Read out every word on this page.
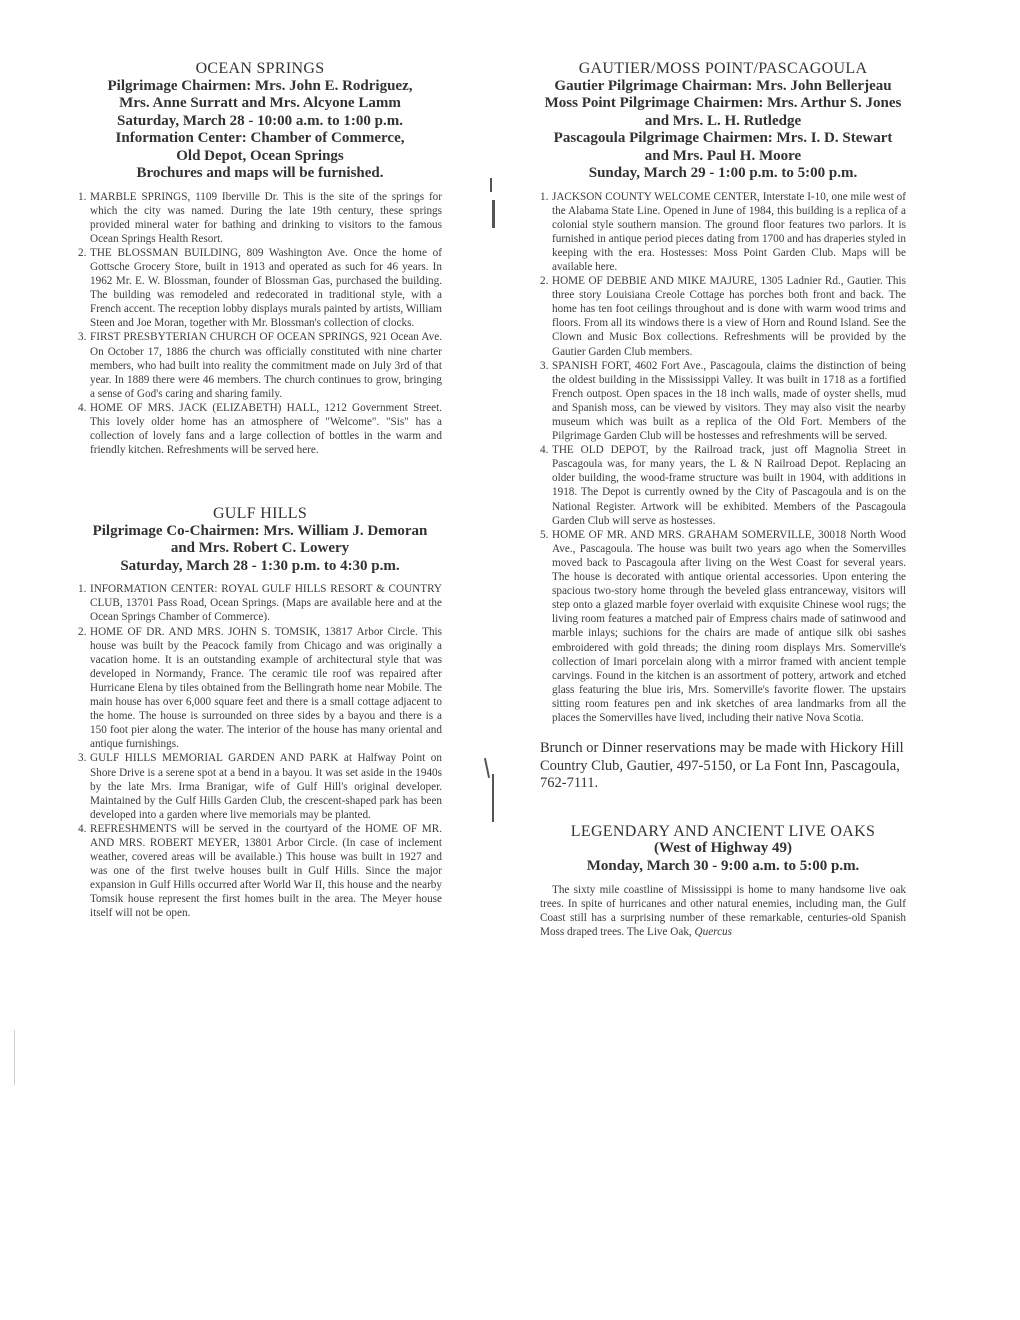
OCEAN SPRINGS
Pilgrimage Chairmen: Mrs. John E. Rodriguez,
Mrs. Anne Surratt and Mrs. Alcyone Lamm
Saturday, March 28 - 10:00 a.m. to 1:00 p.m.
Information Center: Chamber of Commerce,
Old Depot, Ocean Springs
Brochures and maps will be furnished.
1. MARBLE SPRINGS, 1109 Iberville Dr. This is the site of the springs for which the city was named. During the late 19th century, these springs provided mineral water for bathing and drinking to visitors to the famous Ocean Springs Health Resort.
2. THE BLOSSMAN BUILDING, 809 Washington Ave. Once the home of Gottsche Grocery Store, built in 1913 and operated as such for 46 years. In 1962 Mr. E. W. Blossman, founder of Blossman Gas, purchased the building. The building was remodeled and redecorated in traditional style, with a French accent. The reception lobby displays murals painted by artists, William Steen and Joe Moran, together with Mr. Blossman's collection of clocks.
3. FIRST PRESBYTERIAN CHURCH OF OCEAN SPRINGS, 921 Ocean Ave. On October 17, 1886 the church was officially constituted with nine charter members, who had built into reality the commitment made on July 3rd of that year. In 1889 there were 46 members. The church continues to grow, bringing a sense of God's caring and sharing family.
4. HOME OF MRS. JACK (ELIZABETH) HALL, 1212 Government Street. This lovely older home has an atmosphere of "Welcome". "Sis" has a collection of lovely fans and a large collection of bottles in the warm and friendly kitchen. Refreshments will be served here.
GULF HILLS
Pilgrimage Co-Chairmen: Mrs. William J. Demoran
and Mrs. Robert C. Lowery
Saturday, March 28 - 1:30 p.m. to 4:30 p.m.
1. INFORMATION CENTER: ROYAL GULF HILLS RESORT & COUNTRY CLUB, 13701 Pass Road, Ocean Springs. (Maps are available here and at the Ocean Springs Chamber of Commerce).
2. HOME OF DR. AND MRS. JOHN S. TOMSIK, 13817 Arbor Circle. This house was built by the Peacock family from Chicago and was originally a vacation home. It is an outstanding example of architectural style that was developed in Normandy, France. The ceramic tile roof was repaired after Hurricane Elena by tiles obtained from the Bellingrath home near Mobile. The main house has over 6,000 square feet and there is a small cottage adjacent to the home. The house is surrounded on three sides by a bayou and there is a 150 foot pier along the water. The interior of the house has many oriental and antique furnishings.
3. GULF HILLS MEMORIAL GARDEN AND PARK at Halfway Point on Shore Drive is a serene spot at a bend in a bayou. It was set aside in the 1940s by the late Mrs. Irma Branigar, wife of Gulf Hill's original developer. Maintained by the Gulf Hills Garden Club, the crescent-shaped park has been developed into a garden where live memorials may be planted.
4. REFRESHMENTS will be served in the courtyard of the HOME OF MR. AND MRS. ROBERT MEYER, 13801 Arbor Circle. (In case of inclement weather, covered areas will be available.) This house was built in 1927 and was one of the first twelve houses built in Gulf Hills. Since the major expansion in Gulf Hills occurred after World War II, this house and the nearby Tomsik house represent the first homes built in the area. The Meyer house itself will not be open.
GAUTIER/MOSS POINT/PASCAGOULA
Gautier Pilgrimage Chairman: Mrs. John Bellerjeau
Moss Point Pilgrimage Chairmen: Mrs. Arthur S. Jones
and Mrs. L. H. Rutledge
Pascagoula Pilgrimage Chairmen: Mrs. I. D. Stewart
and Mrs. Paul H. Moore
Sunday, March 29 - 1:00 p.m. to 5:00 p.m.
1. JACKSON COUNTY WELCOME CENTER, Interstate I-10, one mile west of the Alabama State Line. Opened in June of 1984, this building is a replica of a colonial style southern mansion. The ground floor features two parlors. It is furnished in antique period pieces dating from 1700 and has draperies styled in keeping with the era. Hostesses: Moss Point Garden Club. Maps will be available here.
2. HOME OF DEBBIE AND MIKE MAJURE, 1305 Ladnier Rd., Gautier. This three story Louisiana Creole Cottage has porches both front and back. The home has ten foot ceilings throughout and is done with warm wood trims and floors. From all its windows there is a view of Horn and Round Island. See the Clown and Music Box collections. Refreshments will be provided by the Gautier Garden Club members.
3. SPANISH FORT, 4602 Fort Ave., Pascagoula, claims the distinction of being the oldest building in the Mississippi Valley. It was built in 1718 as a fortified French outpost. Open spaces in the 18 inch walls, made of oyster shells, mud and Spanish moss, can be viewed by visitors. They may also visit the nearby museum which was built as a replica of the Old Fort. Members of the Pilgrimage Garden Club will be hostesses and refreshments will be served.
4. THE OLD DEPOT, by the Railroad track, just off Magnolia Street in Pascagoula was, for many years, the L & N Railroad Depot. Replacing an older building, the wood-frame structure was built in 1904, with additions in 1918. The Depot is currently owned by the City of Pascagoula and is on the National Register. Artwork will be exhibited. Members of the Pascagoula Garden Club will serve as hostesses.
5. HOME OF MR. AND MRS. GRAHAM SOMERVILLE, 30018 North Wood Ave., Pascagoula. The house was built two years ago when the Somervilles moved back to Pascagoula after living on the West Coast for several years. The house is decorated with antique oriental accessories. Upon entering the spacious two-story home through the beveled glass entranceway, visitors will step onto a glazed marble foyer overlaid with exquisite Chinese wool rugs; the living room features a matched pair of Empress chairs made of satinwood and marble inlays; suchions for the chairs are made of antique silk obi sashes embroidered with gold threads; the dining room displays Mrs. Somerville's collection of Imari porcelain along with a mirror framed with ancient temple carvings. Found in the kitchen is an assortment of pottery, artwork and etched glass featuring the blue iris, Mrs. Somerville's favorite flower. The upstairs sitting room features pen and ink sketches of area landmarks from all the places the Somervilles have lived, including their native Nova Scotia.
Brunch or Dinner reservations may be made with Hickory Hill Country Club, Gautier, 497-5150, or La Font Inn, Pascagoula, 762-7111.
LEGENDARY AND ANCIENT LIVE OAKS
(West of Highway 49)
Monday, March 30 - 9:00 a.m. to 5:00 p.m.
The sixty mile coastline of Mississippi is home to many handsome live oak trees. In spite of hurricanes and other natural enemies, including man, the Gulf Coast still has a surprising number of these remarkable, centuries-old Spanish Moss draped trees. The Live Oak, Quercus
